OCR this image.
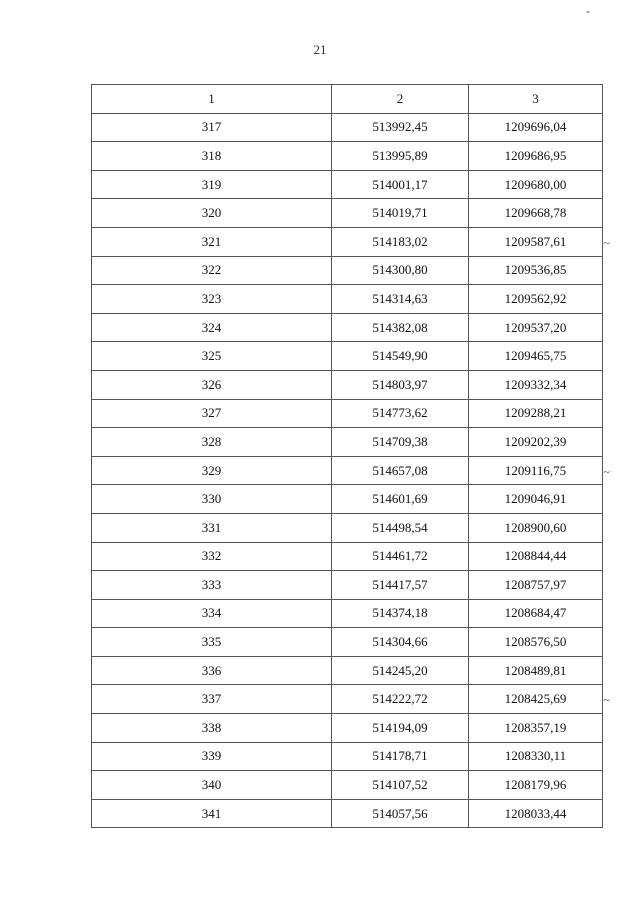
-
21
1	2	3
317	513992,45	1209696,04

318	513995,89	1209686,95

319	514001,17	1209680,00

320	514019,71	1209668,78

321	514183,02	1209587,61 ~

322	514300,80	1209536,85

323	514314,63	1209562,92

324	514382,08	1209537,20

325	514549,90	1209465,75

326	514803,97	1209332,34

327	514773,62	1209288,21

328	514709,38	1209202,39

329	514657,08	1209116,75 ~

330	514601,69	1209046,91

331	514498,54	1208900,60

332	514461,72	1208844,44

333	514417,57	1208757,97

334	514374,18	1208684,47

335	514304,66	1208576,50

336	514245,20	1208489,81

337	514222,72	1208425,69 ~

338	514194,09	1208357,19

339	514178,71	1208330,11

340	514107,52	1208179,96

341	514057,56	1208033,44
